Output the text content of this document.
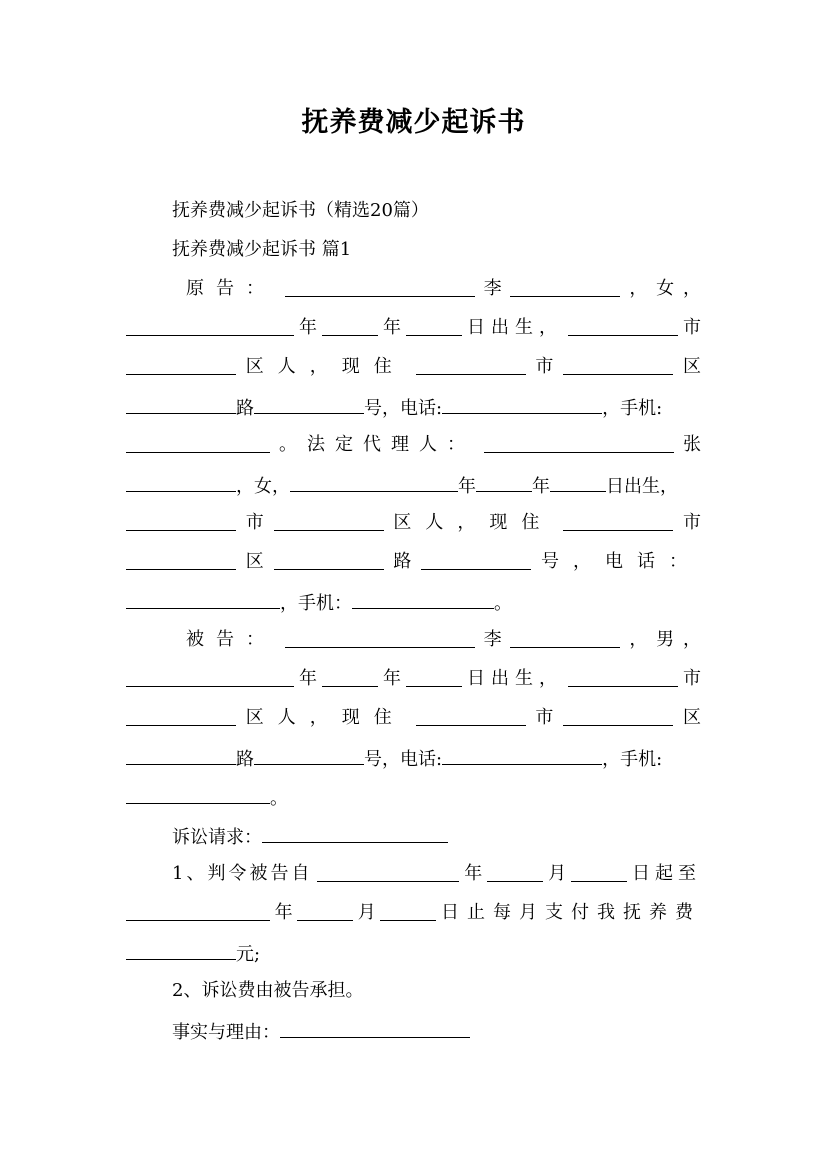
抚养费减少起诉书
抚养费减少起诉书（精选20篇）
抚养费减少起诉书 篇1
原告：	李	， 女 ，
年	年	日出生，	市
区人，现住	市	区
路	号，电话:	，手机:
。法定代理人：	张
，女，	年	年	日出生，
市	区人，现住	市
区	路	号，电话：
，手机：	。
被告：	李	， 男 ，
年	年	日出生，	市
区人，现住	市	区
路	号，电话:	，手机:
。
诉讼请求：
1、判令被告自	年	月	日起至
年	月	日止每月支付我抚养费
元;
2、诉讼费由被告承担。
事实与理由：
